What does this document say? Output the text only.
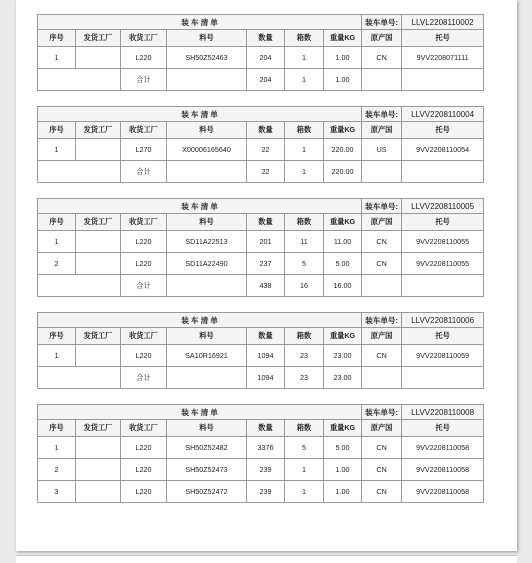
装 车 清 单							装车单号:	LLVL2208110002
序号	发货工厂	收货工厂	料号	数量	箱数	重量KG	原产国	托号
1		L220	SH50Z52463	204	1	1.00	CN	9VV2208071111
		合计		204	1	1.00		
装 车 清 单							装车单号:	LLVV2208110004
序号	发货工厂	收货工厂	料号	数量	箱数	重量KG	原产国	托号
1		L270	X00006165640	22	1	220.00	US	9VV2208110054
		合计		22	1	220.00		
装 车 清 单							装车单号:	LLVV2208110005
序号	发货工厂	收货工厂	料号	数量	箱数	重量KG	原产国	托号
1		L220	SD11A22513	201	11	11.00	CN	9VV2208110055
2		L220	SD11A22490	237	5	5.00	CN	9VV2208110055
		合计		438	16	16.00		
装 车 清 单							装车单号:	LLVV2208110006
序号	发货工厂	收货工厂	料号	数量	箱数	重量KG	原产国	托号
1		L220	SA10R16921	1094	23	23.00	CN	9VV2208110059
		合计		1094	23	23.00		
装 车 清 单							装车单号:	LLVV2208110008
序号	发货工厂	收货工厂	料号	数量	箱数	重量KG	原产国	托号
1		L220	SH50Z52482	3376	5	5.00	CN	9VV2208110058
2		L220	SH50Z52473	239	1	1.00	CN	9VV2208110058
3		L220	SH50Z52472	239	1	1.00	CN	9VV2208110058
